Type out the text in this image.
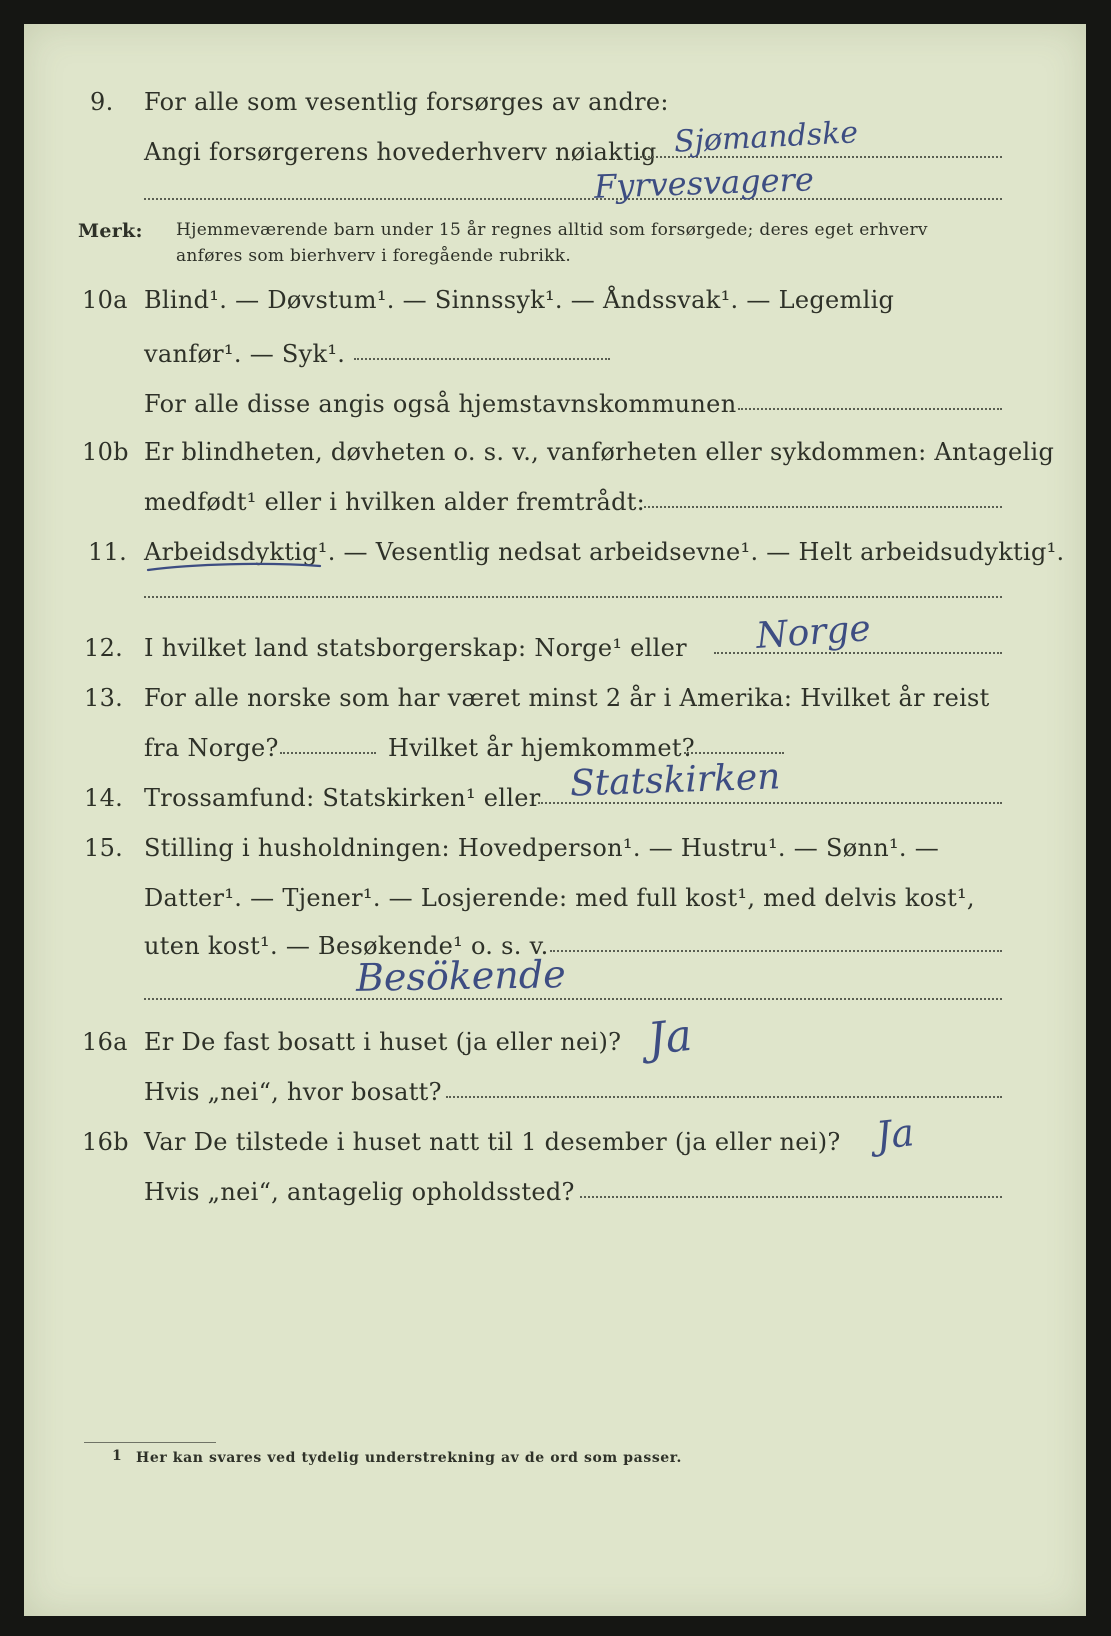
9. For alle som vesentlig forsørges av andre:
Angi forsørgerens hovederhverv nøiaktig Sjømandske
Fyrvesvagere
Merk: Hjemmeværende barn under 15 år regnes alltid som forsørgede; deres eget erhverv
anføres som bierhverv i foregående rubrikk.
10a Blind¹. — Døvstum¹. — Sinnssyk¹. — Åndssvak¹. — Legemlig
vanfør¹. — Syk¹.
For alle disse angis også hjemstavnskommunen
10b Er blindheten, døvheten o. s. v., vanførheten eller sykdommen: Antagelig
medfødt¹ eller i hvilken alder fremtrådt:
11. Arbeidsdyktig¹. — Vesentlig nedsat arbeidsevne¹. — Helt arbeidsudyktig¹.
12. I hvilket land statsborgerskap: Norge¹ eller Norge
13. For alle norske som har været minst 2 år i Amerika: Hvilket år reist
fra Norge?	Hvilket år hjemkommet?
14. Trossamfund: Statskirken¹ eller Statskirken
15. Stilling i husholdningen: Hovedperson¹. — Hustru¹. — Sønn¹. —
Datter¹. — Tjener¹. — Losjerende: med full kost¹, med delvis kost¹,
uten kost¹. — Besøkende¹ o. s. v.
Besökende
16a Er De fast bosatt i huset (ja eller nei)? Ja
Hvis „nei“, hvor bosatt?
16b Var De tilstede i huset natt til 1 desember (ja eller nei)? Ja
Hvis „nei“, antagelig opholdssted?
1 Her kan svares ved tydelig understrekning av de ord som passer.
